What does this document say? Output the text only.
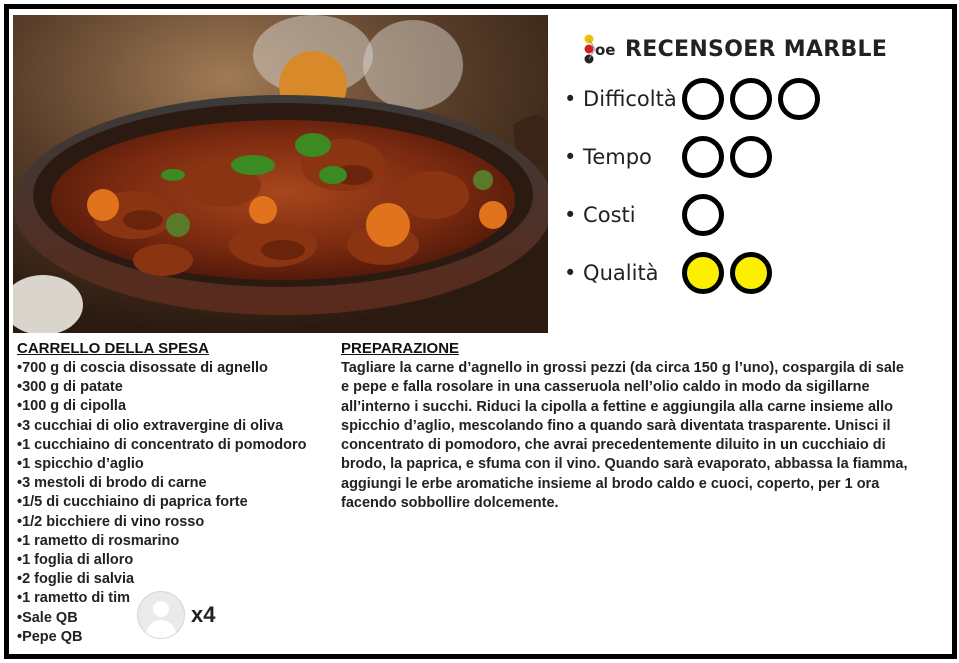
oe RECENSOER MARBLE
• Difficoltà
• Tempo
• Costi
• Qualità
CARRELLO DELLA SPESA
•700 g di coscia disossate di agnello
•300 g di patate
•100 g di cipolla
•3 cucchiai di olio extravergine di oliva
•1 cucchiaino di concentrato di pomodoro
•1 spicchio d’aglio
•3 mestoli di brodo di carne
•1/5 di cucchiaino di paprica forte
•1/2 bicchiere di vino rosso
•1 rametto di rosmarino
•1 foglia di alloro
•2 foglie di salvia
•1 rametto di tim
•Sale QB
•Pepe QB
x4
PREPARAZIONE
Tagliare la carne d’agnello in grossi pezzi (da circa 150 g l’uno), cospargila di sale e pepe e falla rosolare in una casseruola nell’olio caldo in modo da sigillarne all’interno i succhi. Riduci la cipolla a fettine e aggiungila alla carne insieme allo spicchio d’aglio, mescolando fino a quando sarà diventata trasparente. Unisci il concentrato di pomodoro, che avrai precedentemente diluito in un cucchiaio di brodo, la paprica, e sfuma con il vino. Quando sarà evaporato, abbassa la fiamma, aggiungi le erbe aromatiche insieme al brodo caldo e cuoci, coperto, per 1 ora facendo sobbollire dolcemente.
